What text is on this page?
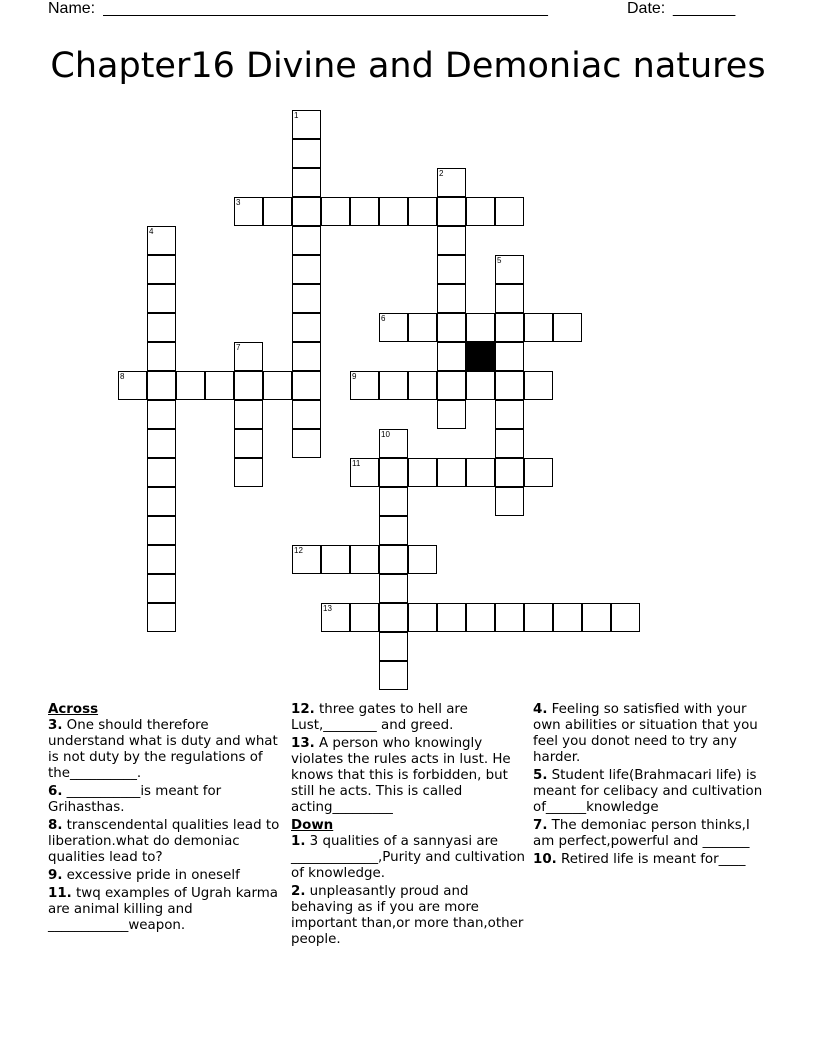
Name: __________________________________________________	Date: _______
Chapter16 Divine and Demoniac natures
1
2
3
4
5
6
7
8	9
10
11
12
13
Across
3. One should therefore understand what is duty and what is not duty by the regulations of the__________.
6. ___________is meant for Grihasthas.
8. transcendental qualities lead to liberation.what do demoniac qualities lead to?
9. excessive pride in oneself
11. twq examples of Ugrah karma are animal killing and ____________weapon.
12. three gates to hell are Lust,________ and greed.
13. A person who knowingly violates the rules acts in lust. He knows that this is forbidden, but still he acts. This is called acting_________
Down
1. 3 qualities of a sannyasi are _____________,Purity and cultivation of knowledge.
2. unpleasantly proud and behaving as if you are more important than,or more than,other people.
4. Feeling so satisfied with your own abilities or situation that you feel you donot need to try any harder.
5. Student life(Brahmacari life) is meant for celibacy and cultivation of______knowledge
7. The demoniac person thinks,I am perfect,powerful and _______
10. Retired life is meant for____
